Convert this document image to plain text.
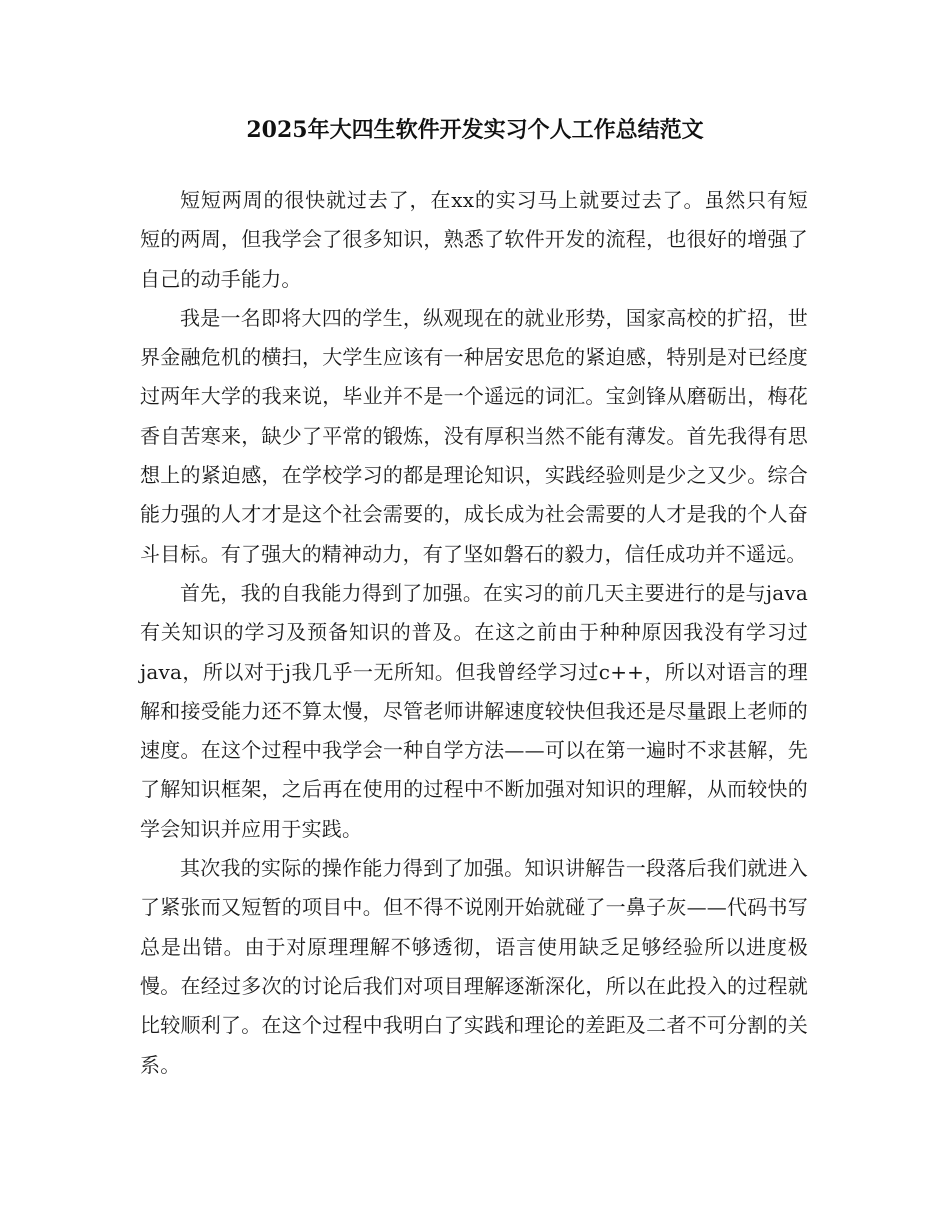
2025年大四生软件开发实习个人工作总结范文

短短两周的很快就过去了，在xx的实习马上就要过去了。虽然只有短短的两周，但我学会了很多知识，熟悉了软件开发的流程，也很好的增强了自己的动手能力。

我是一名即将大四的学生，纵观现在的就业形势，国家高校的扩招，世界金融危机的横扫，大学生应该有一种居安思危的紧迫感，特别是对已经度过两年大学的我来说，毕业并不是一个遥远的词汇。宝剑锋从磨砺出，梅花香自苦寒来，缺少了平常的锻炼，没有厚积当然不能有薄发。首先我得有思想上的紧迫感，在学校学习的都是理论知识，实践经验则是少之又少。综合能力强的人才才是这个社会需要的，成长成为社会需要的人才是我的个人奋斗目标。有了强大的精神动力，有了坚如磐石的毅力，信任成功并不遥远。

首先，我的自我能力得到了加强。在实习的前几天主要进行的是与java有关知识的学习及预备知识的普及。在这之前由于种种原因我没有学习过java，所以对于j我几乎一无所知。但我曾经学习过c++，所以对语言的理解和接受能力还不算太慢，尽管老师讲解速度较快但我还是尽量跟上老师的速度。在这个过程中我学会一种自学方法——可以在第一遍时不求甚解，先了解知识框架，之后再在使用的过程中不断加强对知识的理解，从而较快的学会知识并应用于实践。

其次我的实际的操作能力得到了加强。知识讲解告一段落后我们就进入了紧张而又短暂的项目中。但不得不说刚开始就碰了一鼻子灰——代码书写总是出错。由于对原理理解不够透彻，语言使用缺乏足够经验所以进度极慢。在经过多次的讨论后我们对项目理解逐渐深化，所以在此投入的过程就比较顺利了。在这个过程中我明白了实践和理论的差距及二者不可分割的关系。
